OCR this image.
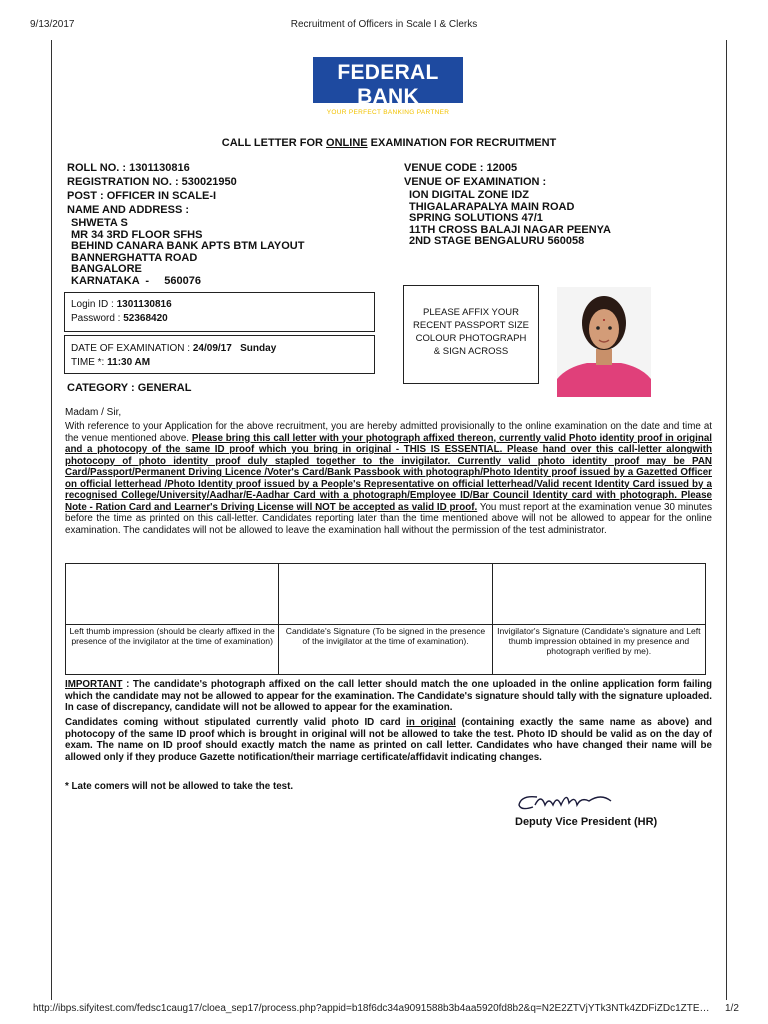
9/13/2017	Recruitment of Officers in Scale I & Clerks
FEDERAL BANK
YOUR PERFECT BANKING PARTNER
CALL LETTER FOR ONLINE EXAMINATION FOR RECRUITMENT
ROLL NO. : 1301130816
REGISTRATION NO. : 530021950
POST : OFFICER IN SCALE-I
NAME AND ADDRESS :
SHWETA S
MR 34 3RD FLOOR SFHS
BEHIND CANARA BANK APTS BTM LAYOUT
BANNERGHATTA ROAD
BANGALORE
KARNATAKA  -     560076
VENUE CODE : 12005
VENUE OF EXAMINATION :
ION DIGITAL ZONE IDZ
THIGALARAPALYA MAIN ROAD
SPRING SOLUTIONS 47/1
11TH CROSS BALAJI NAGAR PEENYA
2ND STAGE BENGALURU 560058
Login ID : 1301130816
Password : 52368420
DATE OF EXAMINATION : 24/09/17   Sunday
TIME *: 11:30 AM
PLEASE AFFIX YOUR RECENT PASSPORT SIZE COLOUR PHOTOGRAPH & SIGN ACROSS
CATEGORY : GENERAL
Madam / Sir,
With reference to your Application for the above recruitment, you are hereby admitted provisionally to the online examination on the date and time at the venue mentioned above. Please bring this call letter with your photograph affixed thereon, currently valid Photo identity proof in original and a photocopy of the same ID proof which you bring in original - THIS IS ESSENTIAL. Please hand over this call-letter alongwith photocopy of photo identity proof duly stapled together to the invigilator. Currently valid photo identity proof may be PAN Card/Passport/Permanent Driving Licence /Voter's Card/Bank Passbook with photograph/Photo Identity proof issued by a Gazetted Officer on official letterhead /Photo Identity proof issued by a People's Representative on official letterhead/Valid recent Identity Card issued by a recognised College/University/Aadhar/E-Aadhar Card with a photograph/Employee ID/Bar Council Identity card with photograph. Please Note - Ration Card and Learner's Driving License will NOT be accepted as valid ID proof. You must report at the examination venue 30 minutes before the time as printed on this call-letter. Candidates reporting later than the time mentioned above will not be allowed to appear for the online examination. The candidates will not be allowed to leave the examination hall without the permission of the test administrator.

Left thumb impression (should be clearly affixed in the presence of the invigilator at the time of examination)	Candidate's Signature (To be signed in the presence of the invigilator at the time of examination).	Invigilator's Signature (Candidate's signature and Left thumb impression obtained in my presence and photograph verified by me).
IMPORTANT : The candidate's photograph affixed on the call letter should match the one uploaded in the online application form failing which the candidate may not be allowed to appear for the examination. The Candidate's signature should tally with the signature uploaded. In case of discrepancy, candidate will not be allowed to appear for the examination.
Candidates coming without stipulated currently valid photo ID card in original (containing exactly the same name as above) and photocopy of the same ID proof which is brought in original will not be allowed to take the test. Photo ID should be valid as on the day of exam. The name on ID proof should exactly match the name as printed on call letter. Candidates who have changed their name will be allowed only if they produce Gazette notification/their marriage certificate/affidavit indicating changes.
* Late comers will not be allowed to take the test.
Deputy Vice President (HR)
http://ibps.sifyitest.com/fedsc1caug17/cloea_sep17/process.php?appid=b18f6dc34a9091588b3b4aa5920fd8b2&q=N2E2ZTVjYTk3NTk4ZDFiZDc1ZTE…	1/2
